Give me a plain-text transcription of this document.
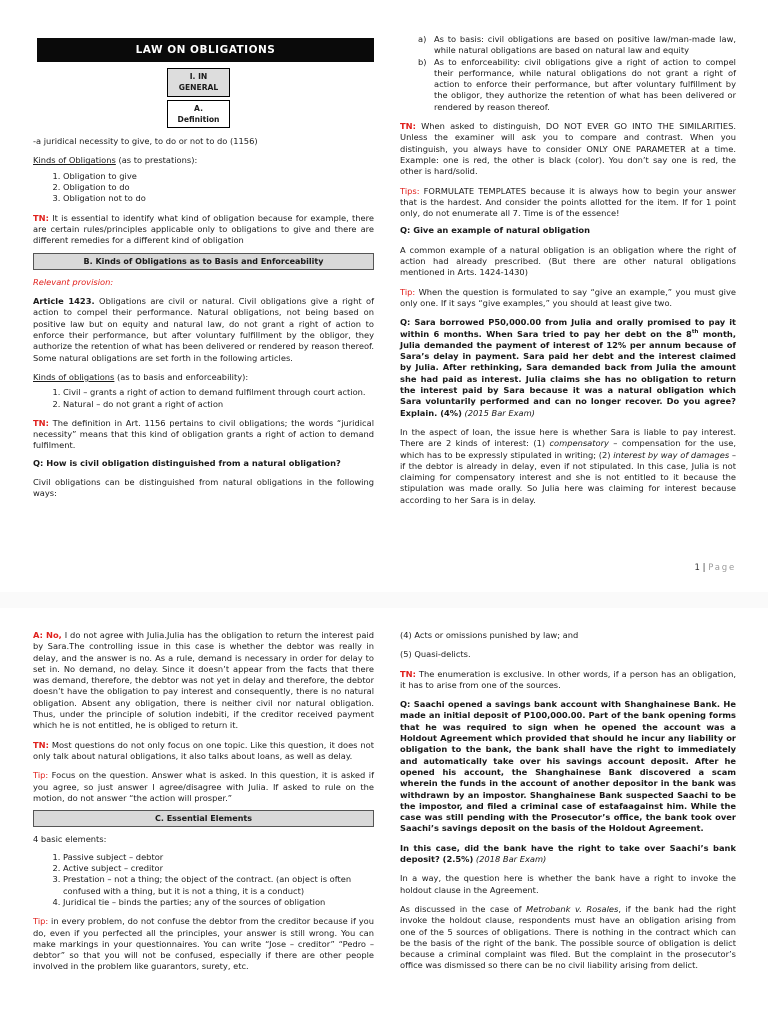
LAW ON OBLIGATIONS
I. IN GENERAL
A. Definition

-a juridical necessity to give, to do or not to do (1156)

Kinds of Obligations (as to prestations):

1. Obligation to give
2. Obligation to do
3. Obligation not to do

TN: It is essential to identify what kind of obligation because for example, there are certain rules/principles applicable only to obligations to give and there are different remedies for a different kind of obligation

B. Kinds of Obligations as to Basis and Enforceability

Relevant provision:

Article 1423. Obligations are civil or natural. Civil obligations give a right of action to compel their performance. Natural obligations, not being based on positive law but on equity and natural law, do not grant a right of action to enforce their performance, but after voluntary fulfillment by the obligor, they authorize the retention of what has been delivered or rendered by reason thereof. Some natural obligations are set forth in the following articles.

Kinds of obligations (as to basis and enforceability):

1. Civil – grants a right of action to demand fulfilment through court action.
2. Natural – do not grant a right of action

TN: The definition in Art. 1156 pertains to civil obligations; the words “juridical necessity” means that this kind of obligation grants a right of action to demand fulfilment.

Q: How is civil obligation distinguished from a natural obligation?

Civil obligations can be distinguished from natural obligations in the following ways:

a) As to basis: civil obligations are based on positive law/man-made law, while natural obligations are based on natural law and equity
b) As to enforceability: civil obligations give a right of action to compel their performance, while natural obligations do not grant a right of action to enforce their performance, but after voluntary fulfillment by the obligor, they authorize the retention of what has been delivered or rendered by reason thereof.

TN: When asked to distinguish, DO NOT EVER GO INTO THE SIMILARITIES. Unless the examiner will ask you to compare and contrast. When you distinguish, you always have to consider ONLY ONE PARAMETER at a time. Example: one is red, the other is black (color). You don’t say one is red, the other is hard/solid.

Tips: FORMULATE TEMPLATES because it is always how to begin your answer that is the hardest. And consider the points allotted for the item. If for 1 point only, do not enumerate all 7. Time is of the essence!

Q: Give an example of natural obligation

A common example of a natural obligation is an obligation where the right of action had already prescribed. (But there are other natural obligations mentioned in Arts. 1424-1430)

Tip: When the question is formulated to say “give an example,” you must give only one. If it says “give examples,” you should at least give two.

Q: Sara borrowed P50,000.00 from Julia and orally promised to pay it within 6 months. When Sara tried to pay her debt on the 8th month, Julia demanded the payment of interest of 12% per annum because of Sara’s delay in payment. Sara paid her debt and the interest claimed by Julia. After rethinking, Sara demanded back from Julia the amount she had paid as interest. Julia claims she has no obligation to return the interest paid by Sara because it was a natural obligation which Sara voluntarily performed and can no longer recover. Do you agree? Explain. (4%) (2015 Bar Exam)

In the aspect of loan, the issue here is whether Sara is liable to pay interest. There are 2 kinds of interest: (1) compensatory – compensation for the use, which has to be expressly stipulated in writing; (2) interest by way of damages – if the debtor is already in delay, even if not stipulated. In this case, Julia is not claiming for compensatory interest and she is not entitled to it because the stipulation was made orally. So Julia here was claiming for interest because according to her Sara is in delay.

1 | Page

A: No, I do not agree with Julia.Julia has the obligation to return the interest paid by Sara.The controlling issue in this case is whether the debtor was really in delay, and the answer is no. As a rule, demand is necessary in order for delay to set in. No demand, no delay. Since it doesn’t appear from the facts that there was demand, therefore, the debtor was not yet in delay and therefore, the debtor doesn’t have the obligation to pay interest and consequently, there is no natural obligation. Absent any obligation, there is neither civil nor natural obligation. Thus, under the principle of solution indebiti, if the creditor received payment which he is not entitled, he is obliged to return it.

TN: Most questions do not only focus on one topic. Like this question, it does not only talk about natural obligations, it also talks about loans, as well as delay.

Tip: Focus on the question. Answer what is asked. In this question, it is asked if you agree, so just answer I agree/disagree with Julia. If asked to rule on the motion, do not answer “the action will prosper.”

C. Essential Elements

4 basic elements:

1. Passive subject – debtor
2. Active subject – creditor
3. Prestation – not a thing; the object of the contract. (an object is often confused with a thing, but it is not a thing, it is a conduct)
4. Juridical tie – binds the parties; any of the sources of obligation

Tip: in every problem, do not confuse the debtor from the creditor because if you do, even if you perfected all the principles, your answer is still wrong. You can make markings in your questionnaires. You can write “Jose – creditor” “Pedro – debtor” so that you will not be confused, especially if there are other people involved in the problem like guarantors, surety, etc.

(4) Acts or omissions punished by law; and

(5) Quasi-delicts.

TN: The enumeration is exclusive. In other words, if a person has an obligation, it has to arise from one of the sources.

Q: Saachi opened a savings bank account with Shanghainese Bank. He made an initial deposit of P100,000.00. Part of the bank opening forms that he was required to sign when he opened the account was a Holdout Agreement which provided that should he incur any liability or obligation to the bank, the bank shall have the right to immediately and automatically take over his savings account deposit. After he opened his account, the Shanghainese Bank discovered a scam wherein the funds in the account of another depositor in the bank was withdrawn by an impostor. Shanghainese Bank suspected Saachi to be the impostor, and filed a criminal case of estafaagainst him. While the case was still pending with the Prosecutor’s office, the bank took over Saachi’s savings deposit on the basis of the Holdout Agreement.

In this case, did the bank have the right to take over Saachi’s bank deposit? (2.5%) (2018 Bar Exam)

In a way, the question here is whether the bank have a right to invoke the holdout clause in the Agreement.

As discussed in the case of Metrobank v. Rosales, if the bank had the right invoke the holdout clause, respondents must have an obligation arising from one of the 5 sources of obligations. There is nothing in the contract which can be the basis of the right of the bank. The possible source of obligation is delict because a criminal complaint was filed. But the complaint in the prosecutor’s office was dismissed so there can be no civil liability arising from delict.
